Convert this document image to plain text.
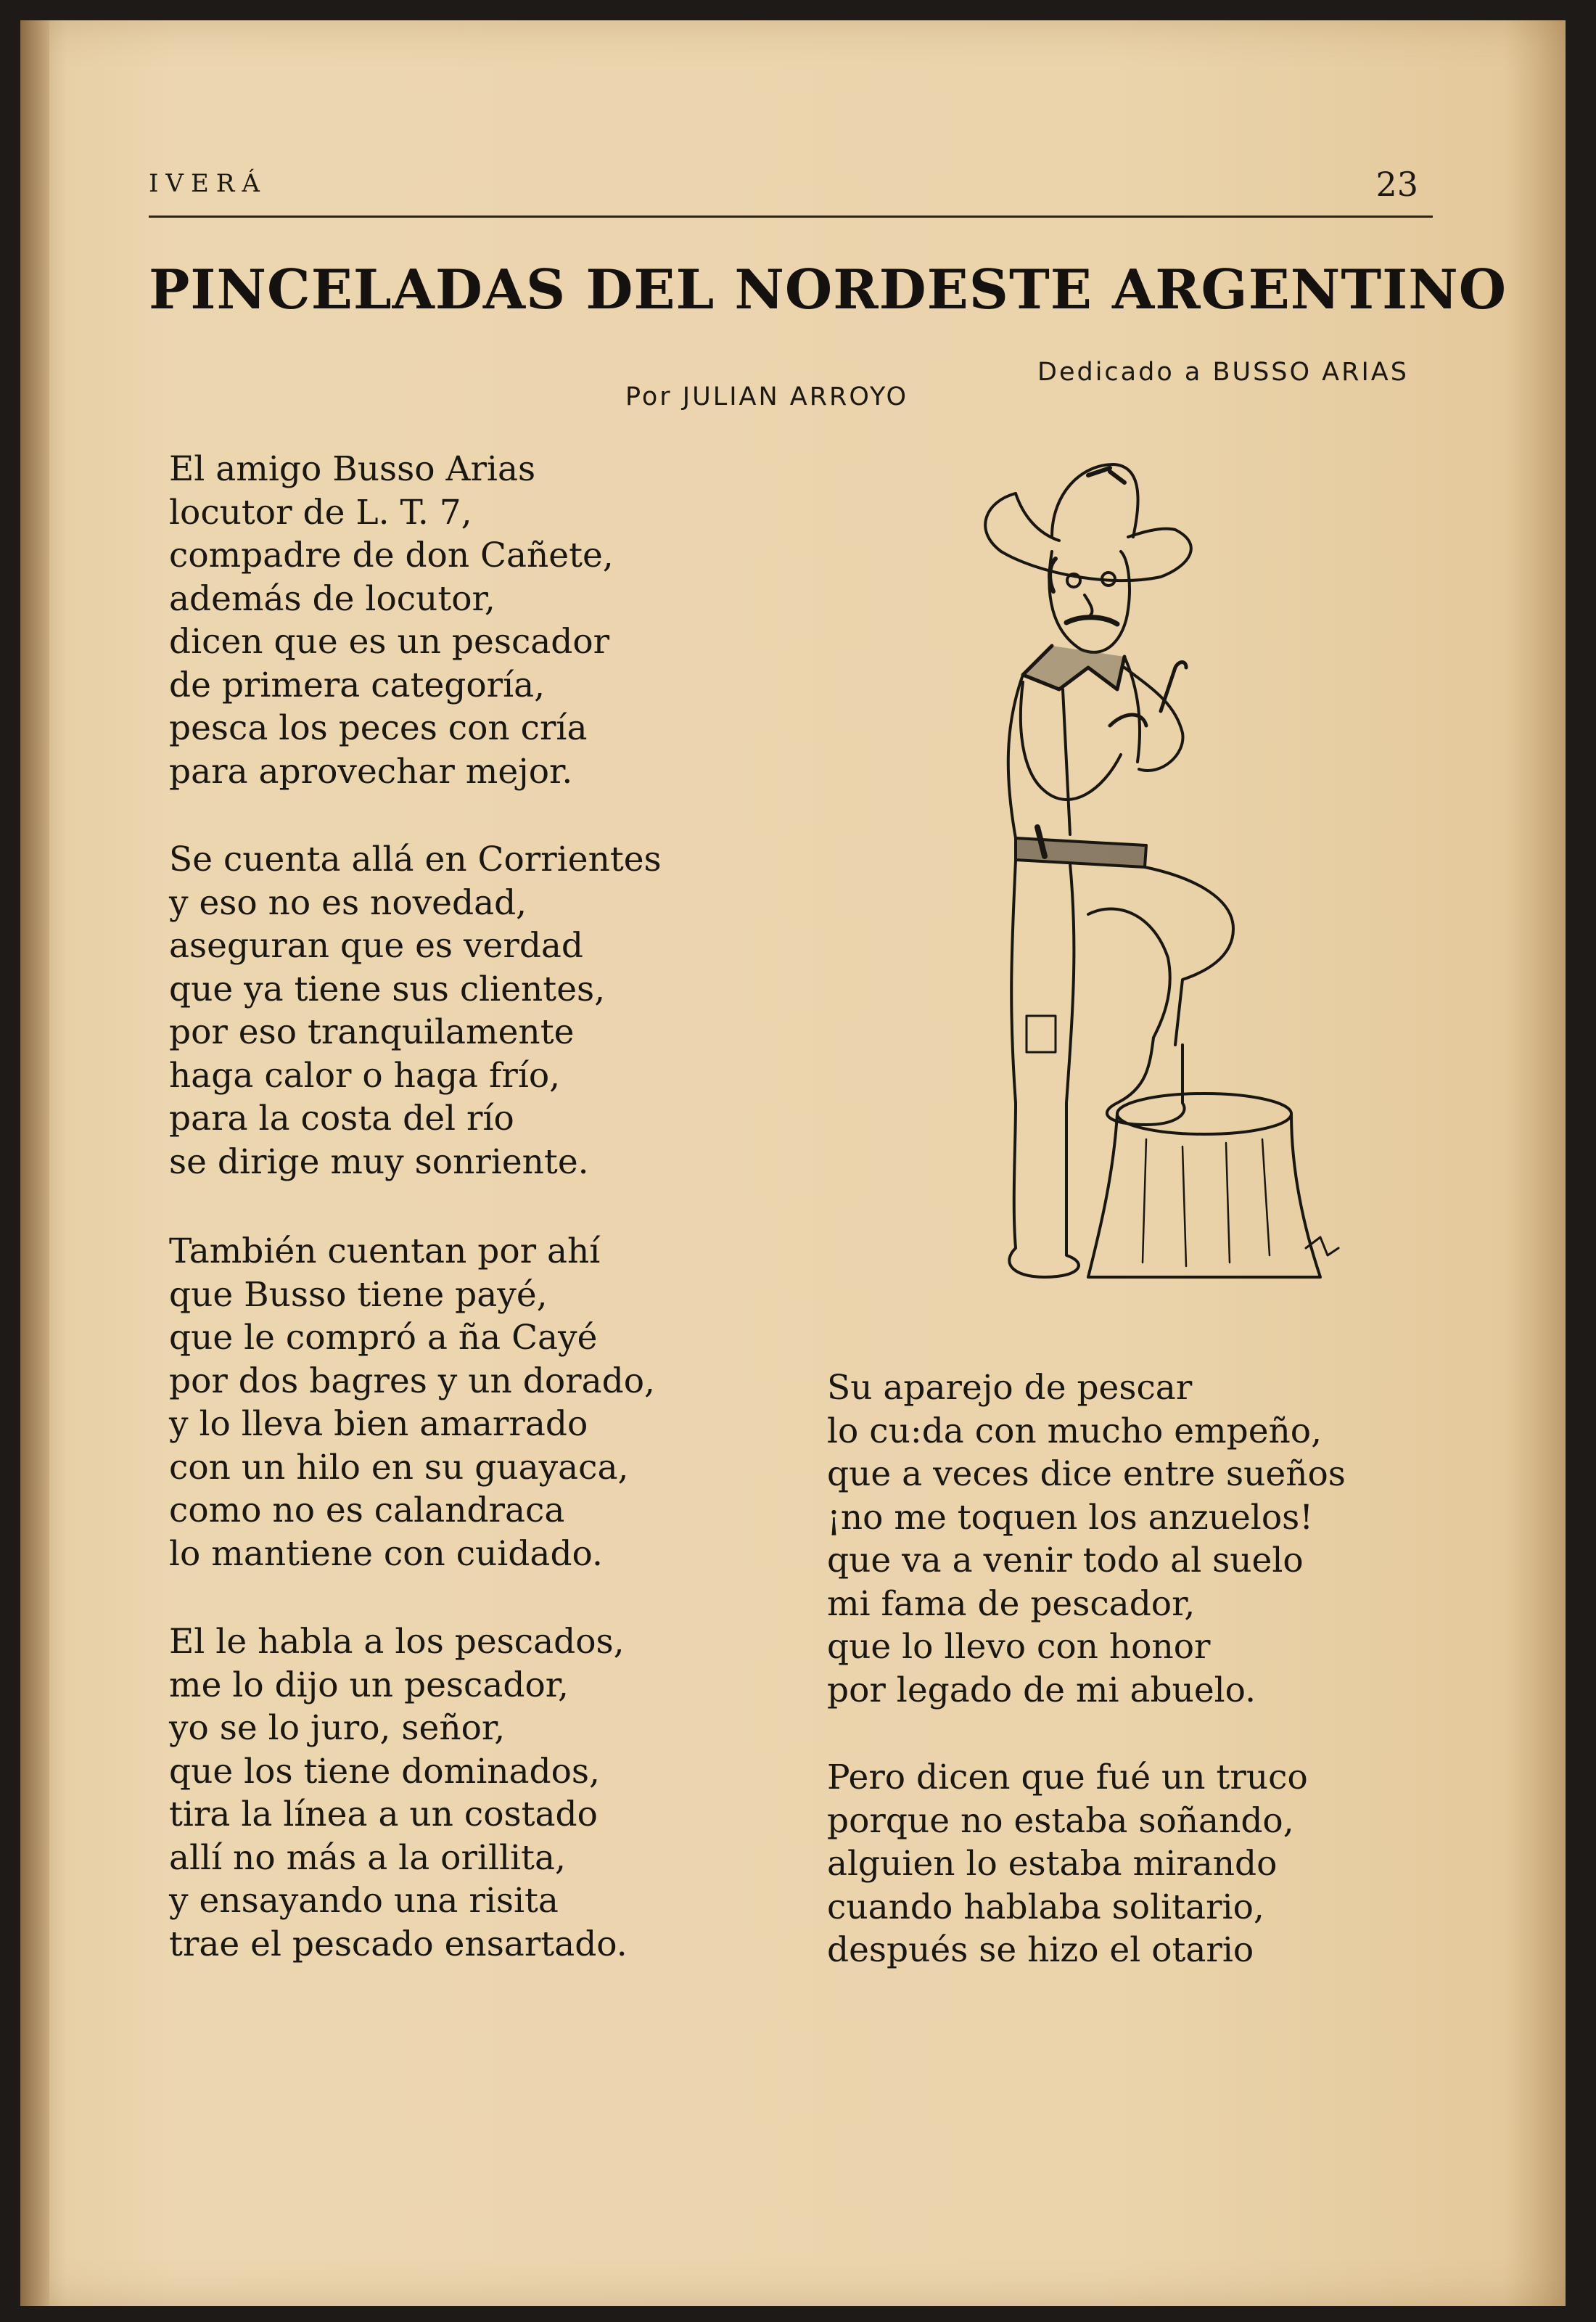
IVERÁ	23
PINCELADAS DEL NORDESTE ARGENTINO
Dedicado a BUSSO ARIAS
Por JULIAN ARROYO
El amigo Busso Arias
locutor de L. T. 7,
compadre de don Cañete,
además de locutor,
dicen que es un pescador
de primera categoría,
pesca los peces con cría
para aprovechar mejor.
Se cuenta allá en Corrientes
y eso no es novedad,
aseguran que es verdad
que ya tiene sus clientes,
por eso tranquilamente
haga calor o haga frío,
para la costa del río
se dirige muy sonriente.
También cuentan por ahí
que Busso tiene payé,
que le compró a ña Cayé
por dos bagres y un dorado,
y lo lleva bien amarrado
con un hilo en su guayaca,
como no es calandraca
lo mantiene con cuidado.
El le habla a los pescados,
me lo dijo un pescador,
yo se lo juro, señor,
que los tiene dominados,
tira la línea a un costado
allí no más a la orillita,
y ensayando una risita
trae el pescado ensartado.
Su aparejo de pescar
lo cu:da con mucho empeño,
que a veces dice entre sueños
¡no me toquen los anzuelos!
que va a venir todo al suelo
mi fama de pescador,
que lo llevo con honor
por legado de mi abuelo.
Pero dicen que fué un truco
porque no estaba soñando,
alguien lo estaba mirando
cuando hablaba solitario,
después se hizo el otario
